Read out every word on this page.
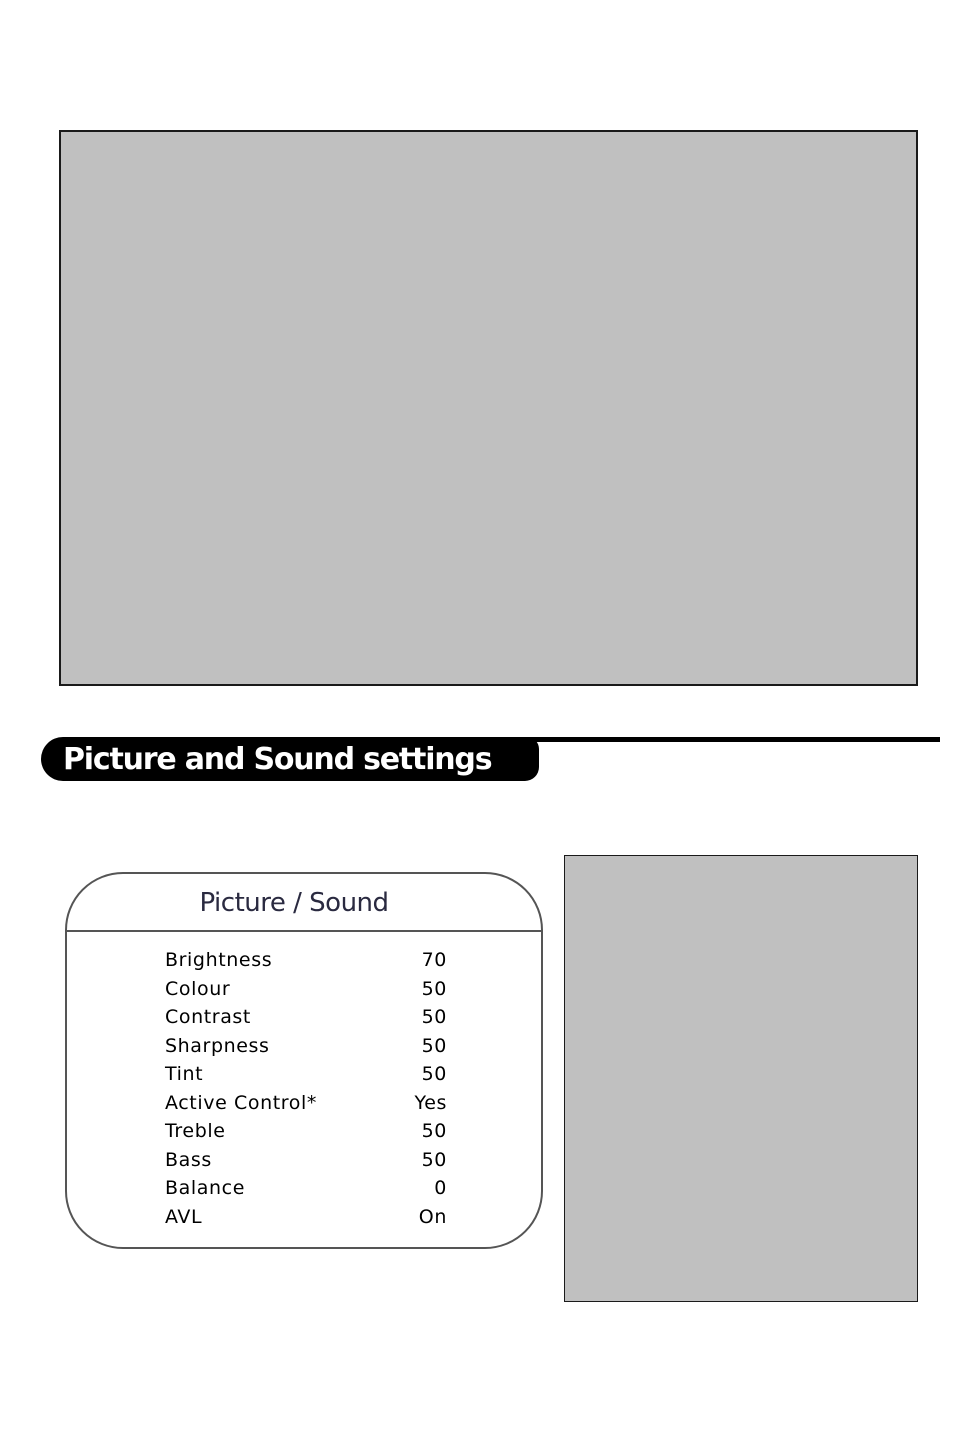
Picture and Sound settings
Picture / Sound
Brightness	70
Colour	50
Contrast	50
Sharpness	50
Tint	50
Active Control*	Yes
Treble	50
Bass	50
Balance	0
AVL	On
